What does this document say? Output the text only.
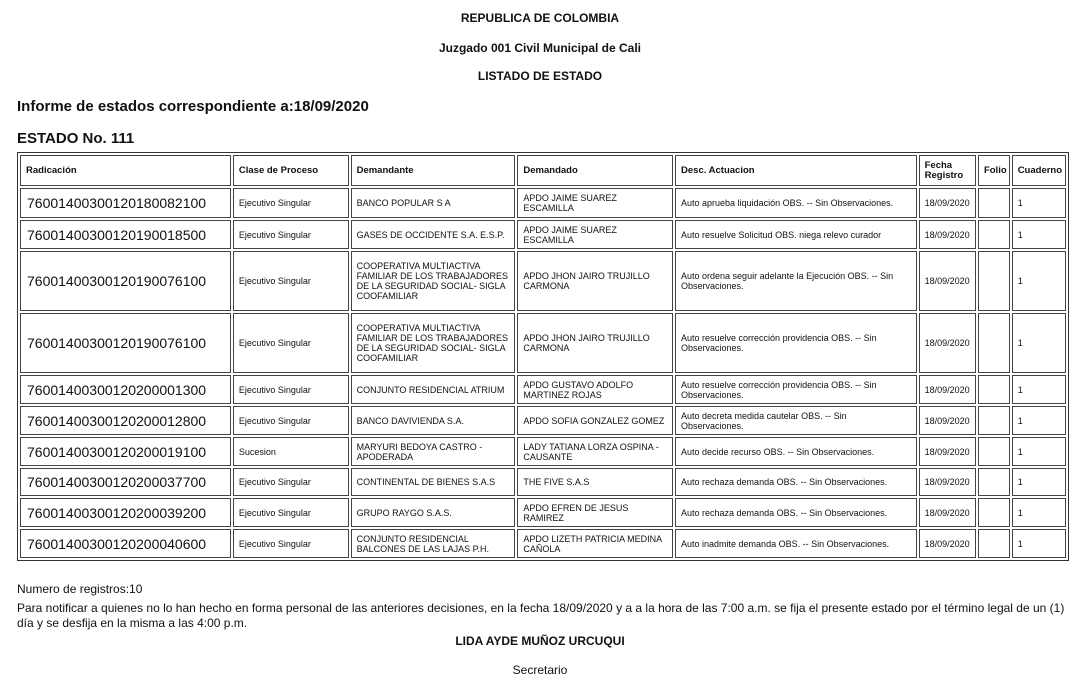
REPUBLICA DE COLOMBIA
Juzgado 001 Civil Municipal de Cali
LISTADO DE ESTADO
Informe de estados correspondiente a:18/09/2020
ESTADO No. 111
Radicación	Clase de Proceso	Demandante	Demandado	Desc. Actuacion	Fecha Registro	Folio	Cuaderno
76001400300120180082100	Ejecutivo Singular	BANCO POPULAR S A	APDO JAIME SUAREZ ESCAMILLA	Auto aprueba liquidación OBS. -- Sin Observaciones.	18/09/2020		1
76001400300120190018500	Ejecutivo Singular	GASES DE OCCIDENTE S.A. E.S.P.	APDO JAIME SUAREZ ESCAMILLA	Auto resuelve Solicitud OBS. niega relevo curador	18/09/2020		1
76001400300120190076100	Ejecutivo Singular	COOPERATIVA MULTIACTIVA FAMILIAR DE LOS TRABAJADORES DE LA SEGURIDAD SOCIAL- SIGLA COOFAMILIAR	APDO JHON JAIRO TRUJILLO CARMONA	Auto ordena seguir adelante la Ejecución OBS. -- Sin Observaciones.	18/09/2020		1
76001400300120190076100	Ejecutivo Singular	COOPERATIVA MULTIACTIVA FAMILIAR DE LOS TRABAJADORES DE LA SEGURIDAD SOCIAL- SIGLA COOFAMILIAR	APDO JHON JAIRO TRUJILLO CARMONA	Auto resuelve corrección providencia OBS. -- Sin Observaciones.	18/09/2020		1
76001400300120200001300	Ejecutivo Singular	CONJUNTO RESIDENCIAL ATRIUM	APDO GUSTAVO ADOLFO MARTINEZ ROJAS	Auto resuelve corrección providencia OBS. -- Sin Observaciones.	18/09/2020		1
76001400300120200012800	Ejecutivo Singular	BANCO DAVIVIENDA S.A.	APDO SOFIA GONZALEZ GOMEZ	Auto decreta medida cautelar OBS. -- Sin Observaciones.	18/09/2020		1
76001400300120200019100	Sucesion	MARYURI BEDOYA CASTRO - APODERADA	LADY TATIANA LORZA OSPINA - CAUSANTE	Auto decide recurso OBS. -- Sin Observaciones.	18/09/2020		1
76001400300120200037700	Ejecutivo Singular	CONTINENTAL DE BIENES S.A.S	THE FIVE S.A.S	Auto rechaza demanda OBS. -- Sin Observaciones.	18/09/2020		1
76001400300120200039200	Ejecutivo Singular	GRUPO RAYGO S.A.S.	APDO EFREN DE JESUS RAMIREZ	Auto rechaza demanda OBS. -- Sin Observaciones.	18/09/2020		1
76001400300120200040600	Ejecutivo Singular	CONJUNTO RESIDENCIAL BALCONES DE LAS LAJAS P.H.	APDO LIZETH PATRICIA MEDINA CAÑOLA	Auto inadmite demanda OBS. -- Sin Observaciones.	18/09/2020		1
Numero de registros:10
Para notificar a quienes no lo han hecho en forma personal de las anteriores decisiones, en la fecha 18/09/2020 y a a la hora de las 7:00 a.m. se fija el presente estado por el término legal de un (1) día y se desfija en la misma a las 4:00 p.m.
LIDA AYDE MUÑOZ URCUQUI
Secretario
